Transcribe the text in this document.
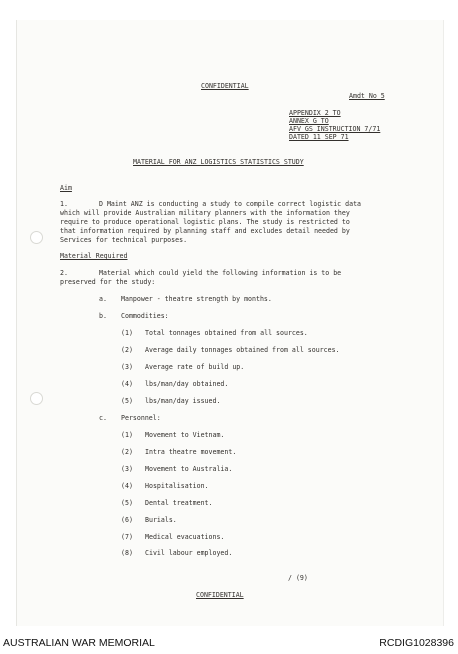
CONFIDENTIAL
Amdt No 5
APPENDIX 2 TO
ANNEX G TO
AFV GS INSTRUCTION 7/71
DATED 11 SEP 71
MATERIAL FOR ANZ LOGISTICS STATISTICS STUDY
Aim
1.	D Maint ANZ is conducting a study to compile correct logistic data
which will provide Australian military planners with the information they
require to produce operational logistic plans. The study is restricted to
that information required by planning staff and excludes detail needed by
Services for technical purposes.
Material Required
2.	Material which could yield the following information is to be
preserved for the study:
a. Manpower - theatre strength by months.
b. Commodities:
(1) Total tonnages obtained from all sources.
(2) Average daily tonnages obtained from all sources.
(3) Average rate of build up.
(4) lbs/man/day obtained.
(5) lbs/man/day issued.
c. Personnel:
(1) Movement to Vietnam.
(2) Intra theatre movement.
(3) Movement to Australia.
(4) Hospitalisation.
(5) Dental treatment.
(6) Burials.
(7) Medical evacuations.
(8) Civil labour employed.
/ (9)
CONFIDENTIAL
AUSTRALIAN WAR MEMORIAL	RCDIG1028396
